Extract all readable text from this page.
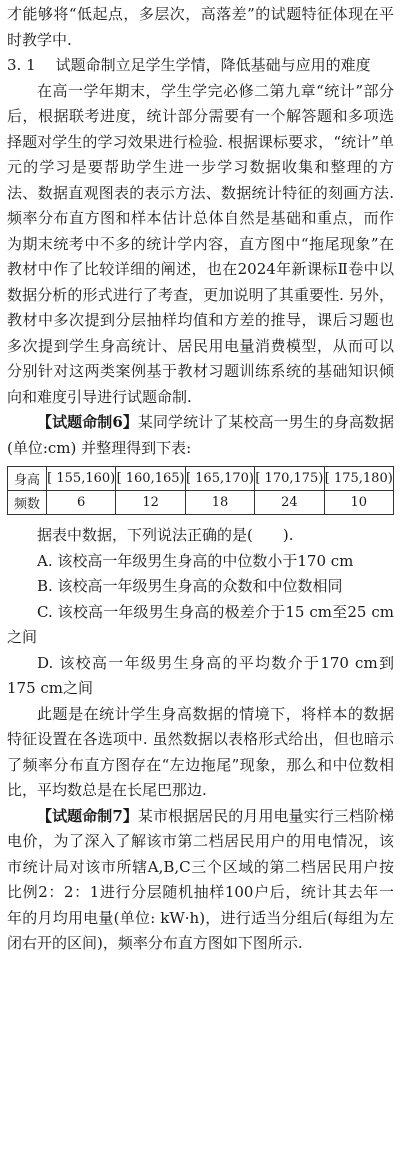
才能够将“低起点，多层次，高落差”的试题特征体现在平时教学中.

3. 1 试题命制立足学生学情，降低基础与应用的难度

在高一学年期末，学生学完必修二第九章“统计”部分后，根据联考进度，统计部分需要有一个解答题和多项选择题对学生的学习效果进行检验. 根据课标要求，“统计”单元的学习是要帮助学生进一步学习数据收集和整理的方法、数据直观图表的表示方法、数据统计特征的刻画方法. 频率分布直方图和样本估计总体自然是基础和重点，而作为期末统考中不多的统计学内容，直方图中“拖尾现象”在教材中作了比较详细的阐述，也在2024年新课标Ⅱ卷中以数据分析的形式进行了考查，更加说明了其重要性. 另外，教材中多次提到分层抽样均值和方差的推导，课后习题也多次提到学生身高统计、居民用电量消费模型，从而可以分别针对这两类案例基于教材习题训练系统的基础知识倾向和难度引导进行试题命制.

【试题命制6】某同学统计了某校高一男生的身高数据(单位:cm) 并整理得到下表:

身高	[ 155,160)	[ 160,165)	[ 165,170)	[ 170,175)	[ 175,180)
频数	6	12	18	24	10

据表中数据，下列说法正确的是(　　).

A. 该校高一年级男生身高的中位数小于170 cm

B. 该校高一年级男生身高的众数和中位数相同

C. 该校高一年级男生身高的极差介于15 cm至25 cm之间

D. 该校高一年级男生身高的平均数介于170 cm到175 cm之间

此题是在统计学生身高数据的情境下，将样本的数据特征设置在各选项中. 虽然数据以表格形式给出，但也暗示了频率分布直方图存在“左边拖尾”现象，那么和中位数相比，平均数总是在长尾巴那边.

【试题命制7】某市根据居民的月用电量实行三档阶梯电价，为了深入了解该市第二档居民用户的用电情况，该市统计局对该市所辖A,B,C三个区域的第二档居民用户按比例2：2：1进行分层随机抽样100户后，统计其去年一年的月均用电量(单位: kW·h)，进行适当分组后(每组为左闭右开的区间)，频率分布直方图如下图所示.
